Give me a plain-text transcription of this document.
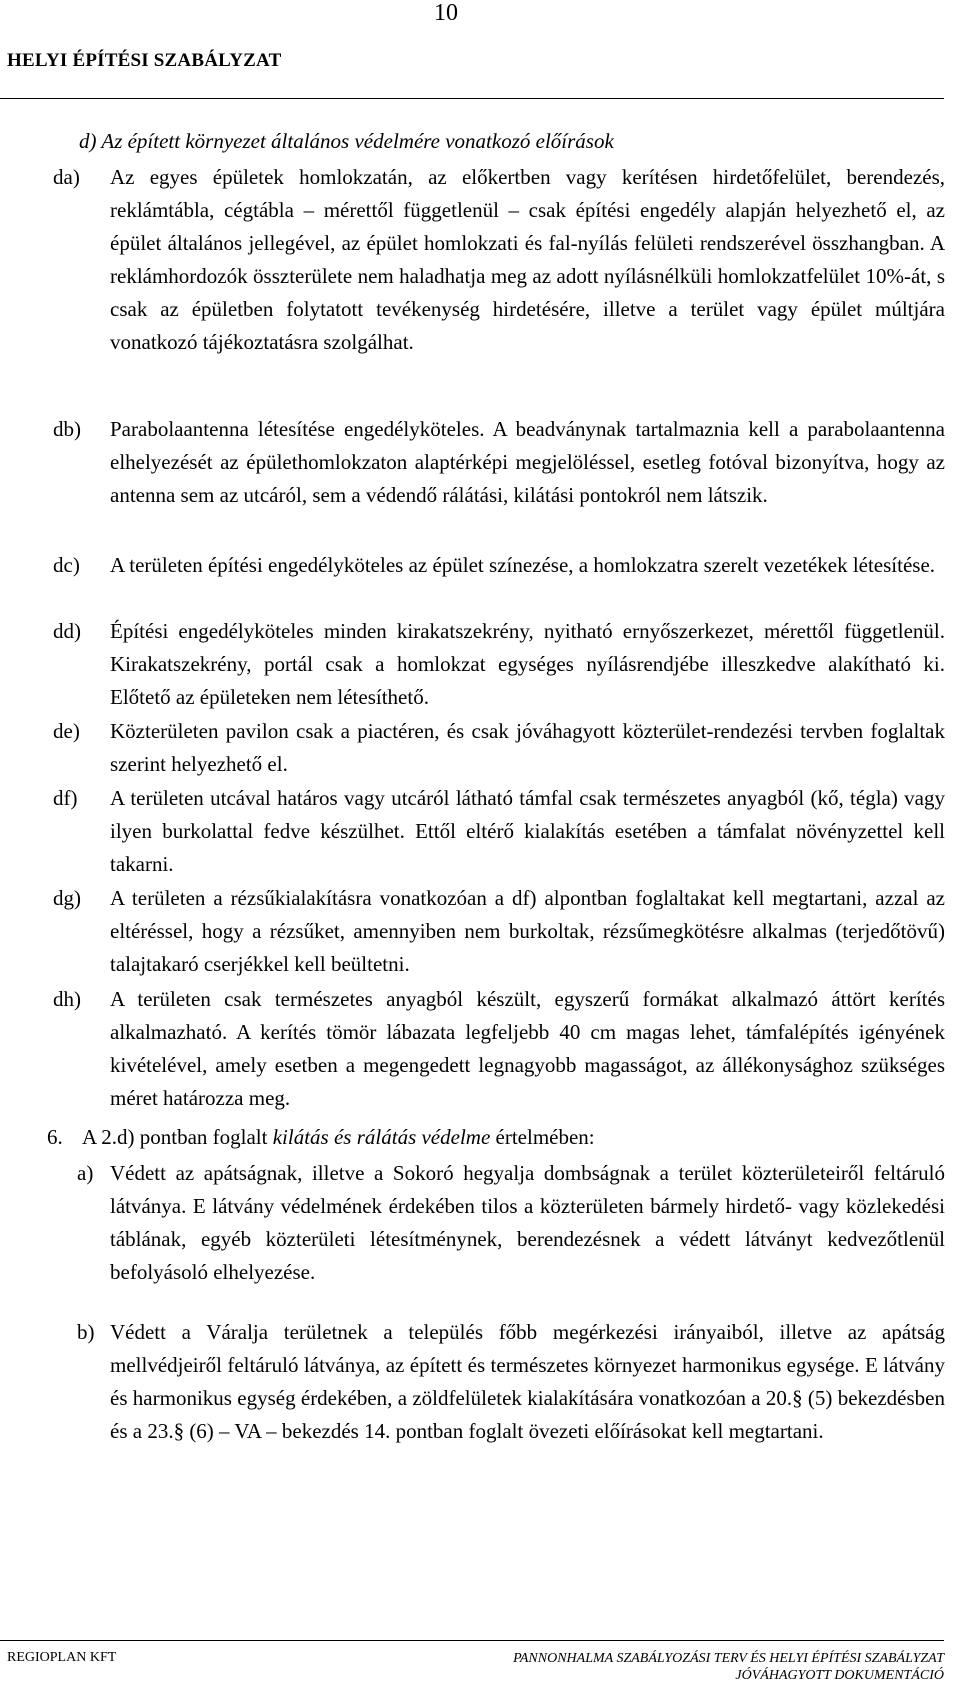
10
HELYI ÉPÍTÉSI SZABÁLYZAT
d) Az épített környezet általános védelmére vonatkozó előírások
da) Az egyes épületek homlokzatán, az előkertben vagy kerítésen hirdetőfelület, berendezés, reklámtábla, cégtábla – mérettől függetlenül – csak építési engedély alapján helyezhető el, az épület általános jellegével, az épület homlokzati és fal-nyílás felületi rendszerével összhangban. A reklámhordozók összterülete nem haladhatja meg az adott nyílásnélküli homlokzatfelület 10%-át, s csak az épületben folytatott tevékenység hirdetésére, illetve a terület vagy épület múltjára vonatkozó tájékoztatásra szolgálhat.

db) Parabolaantenna létesítése engedélyköteles. A beadványnak tartalmaznia kell a parabolaantenna elhelyezését az épülethomlokzaton alaptérképi megjelöléssel, esetleg fotóval bizonyítva, hogy az antenna sem az utcáról, sem a védendő rálátási, kilátási pontokról nem látszik.

dc) A területen építési engedélyköteles az épület színezése, a homlokzatra szerelt vezetékek létesítése.

dd) Építési engedélyköteles minden kirakatszekrény, nyitható ernyőszerkezet, mérettől függetlenül. Kirakatszekrény, portál csak a homlokzat egységes nyílásrendjébe illeszkedve alakítható ki. Előtető az épületeken nem létesíthető.

de) Közterületen pavilon csak a piactéren, és csak jóváhagyott közterület-rendezési tervben foglaltak szerint helyezhető el.

df) A területen utcával határos vagy utcáról látható támfal csak természetes anyagból (kő, tégla) vagy ilyen burkolattal fedve készülhet. Ettől eltérő kialakítás esetében a támfalat növényzettel kell takarni.

dg) A területen a rézsűkialakításra vonatkozóan a df) alpontban foglaltakat kell megtartani, azzal az eltéréssel, hogy a rézsűket, amennyiben nem burkoltak, rézsűmegkötésre alkalmas (terjedőtövű) talajtakaró cserjékkel kell beültetni.

dh) A területen csak természetes anyagból készült, egyszerű formákat alkalmazó áttört kerítés alkalmazható. A kerítés tömör lábazata legfeljebb 40 cm magas lehet, támfalépítés igényének kivételével, amely esetben a megengedett legnagyobb magasságot, az állékonysághoz szükséges méret határozza meg.

6. A 2.d) pontban foglalt kilátás és rálátás védelme értelmében:
a) Védett az apátságnak, illetve a Sokoró hegyalja dombságnak a terület közterületeiről feltáruló látványa. E látvány védelmének érdekében tilos a közterületen bármely hirdető- vagy közlekedési táblának, egyéb közterületi létesítménynek, berendezésnek a védett látványt kedvezőtlenül befolyásoló elhelyezése.

b) Védett a Váralja területnek a település főbb megérkezési irányaiból, illetve az apátság mellvédjeiről feltáruló látványa, az épített és természetes környezet harmonikus egysége. E látvány és harmonikus egység érdekében, a zöldfelületek kialakítására vonatkozóan a 20.§ (5) bekezdésben és a 23.§ (6) – VA – bekezdés 14. pontban foglalt övezeti előírásokat kell megtartani.

REGIOPLAN KFT	PANNONHALMA SZABÁLYOZÁSI TERV ÉS HELYI ÉPÍTÉSI SZABÁLYZAT
JÓVÁHAGYOTT DOKUMENTÁCIÓ
